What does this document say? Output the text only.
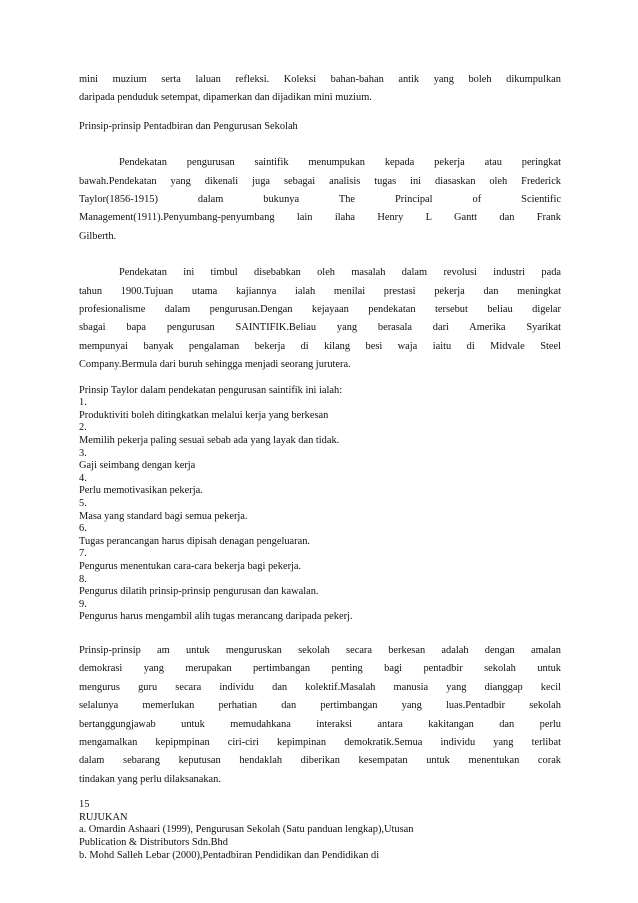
mini muzium serta laluan refleksi. Koleksi bahan-bahan antik yang boleh dikumpulkan
daripada penduduk setempat, dipamerkan dan dijadikan mini muzium.
Prinsip-prinsip Pentadbiran dan Pengurusan Sekolah
Pendekatan pengurusan saintifik menumpukan kepada pekerja atau peringkat
bawah.Pendekatan yang dikenali juga sebagai analisis tugas ini diasaskan oleh Frederick
Taylor(1856-1915) dalam bukunya The Principal of Scientific
Management(1911).Penyumbang-penyumbang lain ilaha Henry L Gantt dan Frank
Gilberth.
Pendekatan ini timbul disebabkan oleh masalah dalam revolusi industri pada
tahun 1900.Tujuan utama kajiannya ialah menilai prestasi pekerja dan meningkat
profesionalisme dalam pengurusan.Dengan kejayaan pendekatan tersebut beliau digelar
sbagai bapa pengurusan SAINTIFIK.Beliau yang berasala dari Amerika Syarikat
mempunyai banyak pengalaman bekerja di kilang besi waja iaitu di Midvale Steel
Company.Bermula dari buruh sehingga menjadi seorang jurutera.
Prinsip Taylor dalam pendekatan pengurusan saintifik ini ialah:
1.
Produktiviti boleh ditingkatkan melalui kerja yang berkesan
2.
Memilih pekerja paling sesuai sebab ada yang layak dan tidak.
3.
Gaji seimbang dengan kerja
4.
Perlu memotivasikan pekerja.
5.
Masa yang standard bagi semua pekerja.
6.
Tugas perancangan harus dipisah denagan pengeluaran.
7.
Pengurus menentukan cara-cara bekerja bagi pekerja.
8.
Pengurus dilatih prinsip-prinsip pengurusan dan kawalan.
9.
Pengurus harus mengambil alih tugas merancang daripada pekerj.
Prinsip-prinsip am untuk menguruskan sekolah secara berkesan adalah dengan amalan
demokrasi yang merupakan pertimbangan penting bagi pentadbir sekolah untuk
mengurus guru secara individu dan kolektif.Masalah manusia yang dianggap kecil
selalunya memerlukan perhatian dan pertimbangan yang luas.Pentadbir sekolah
bertanggungjawab untuk memudahkana interaksi antara kakitangan dan perlu
mengamalkan kepipmpinan ciri-ciri kepimpinan demokratik.Semua individu yang terlibat
dalam sebarang keputusan hendaklah diberikan kesempatan untuk menentukan corak
tindakan yang perlu dilaksanakan.
15
RUJUKAN
a. Omardin Ashaari (1999), Pengurusan Sekolah (Satu panduan lengkap),Utusan
Publication & Distributors Sdn.Bhd
b. Mohd Salleh Lebar (2000),Pentadbiran Pendidikan dan Pendidikan di
